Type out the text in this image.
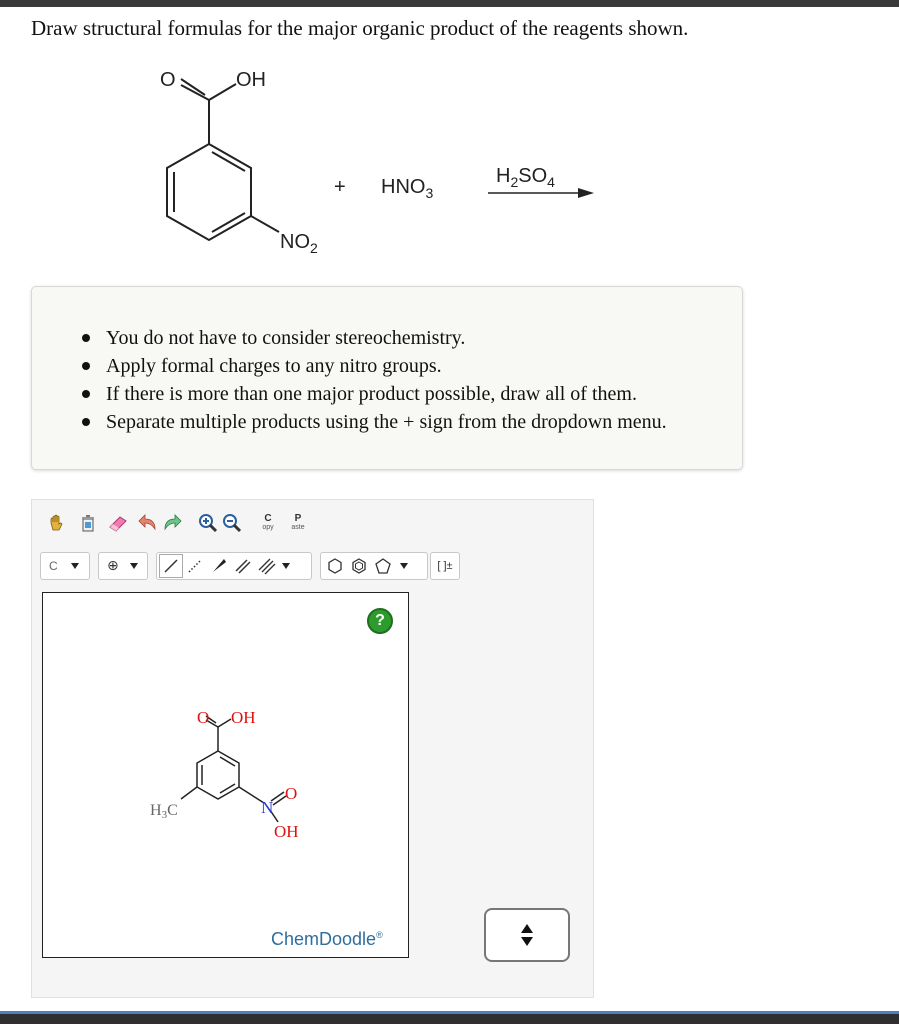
Draw structural formulas for the major organic product of the reagents shown.
O	OH
$NO_2$
+ $HNO_3$
$H_2SO_4$
You do not have to consider stereochemistry.
Apply formal charges to any nitro groups.
If there is more than one major product possible, draw all of them.
Separate multiple products using the + sign from the dropdown menu.
C
opy
P
aste
C	⊕	[ ]±
?
O OH
H3C	N
O
OH
ChemDoodle®
